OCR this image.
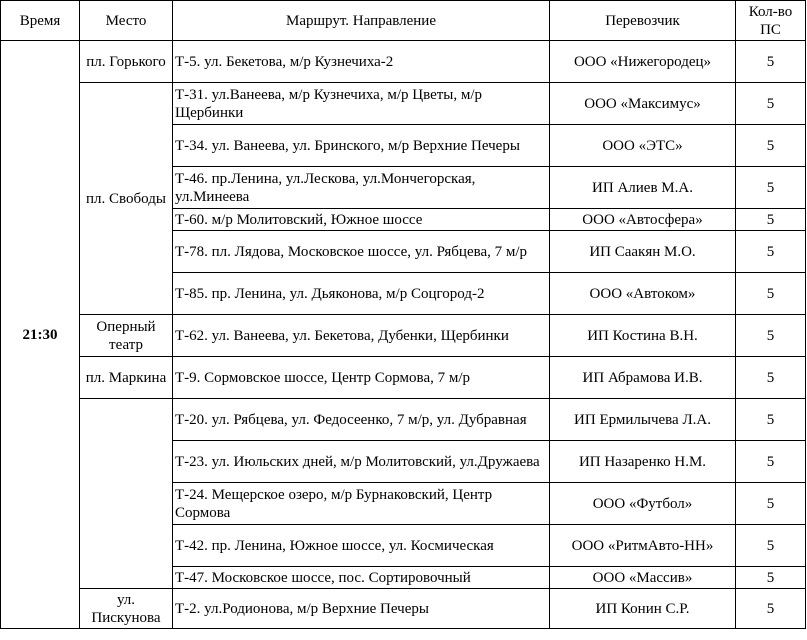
Время	Место	Маршрут. Направление	Перевозчик	Кол-во ПС
21:30	пл. Горького	Т-5. ул. Бекетова, м/р Кузнечиха-2	ООО «Нижегородец»	5
	пл. Свободы	Т-31. ул.Ванеева, м/р Кузнечиха, м/р Цветы, м/р Щербинки	ООО «Максимус»	5
		Т-34. ул. Ванеева, ул. Бринского, м/р Верхние Печеры	ООО «ЭТС»	5
		Т-46. пр.Ленина, ул.Лескова, ул.Мончегорская, ул.Минеева	ИП Алиев М.А.	5
		Т-60. м/р Молитовский, Южное шоссе	ООО «Автосфера»	5
		Т-78. пл. Лядова, Московское шоссе, ул. Рябцева, 7 м/р	ИП Саакян М.О.	5
		Т-85. пр. Ленина, ул. Дьяконова, м/р Соцгород-2	ООО «Автоком»	5
	Оперный театр	Т-62. ул. Ванеева, ул. Бекетова, Дубенки, Щербинки	ИП Костина В.Н.	5
	пл. Маркина	Т-9. Сормовское шоссе, Центр Сормова, 7 м/р	ИП Абрамова И.В.	5
		Т-20. ул. Рябцева, ул. Федосеенко, 7 м/р, ул. Дубравная	ИП Ермилычева Л.А.	5
		Т-23. ул. Июльских дней, м/р Молитовский, ул.Дружаева	ИП Назаренко Н.М.	5
		Т-24. Мещерское озеро, м/р Бурнаковский, Центр Сормова	ООО «Футбол»	5
		Т-42. пр. Ленина, Южное шоссе, ул. Космическая	ООО «РитмАвто-НН»	5
		Т-47. Московское шоссе, пос. Сортировочный	ООО «Массив»	5
	ул. Пискунова	Т-2. ул.Родионова, м/р Верхние Печеры	ИП Конин С.Р.	5
